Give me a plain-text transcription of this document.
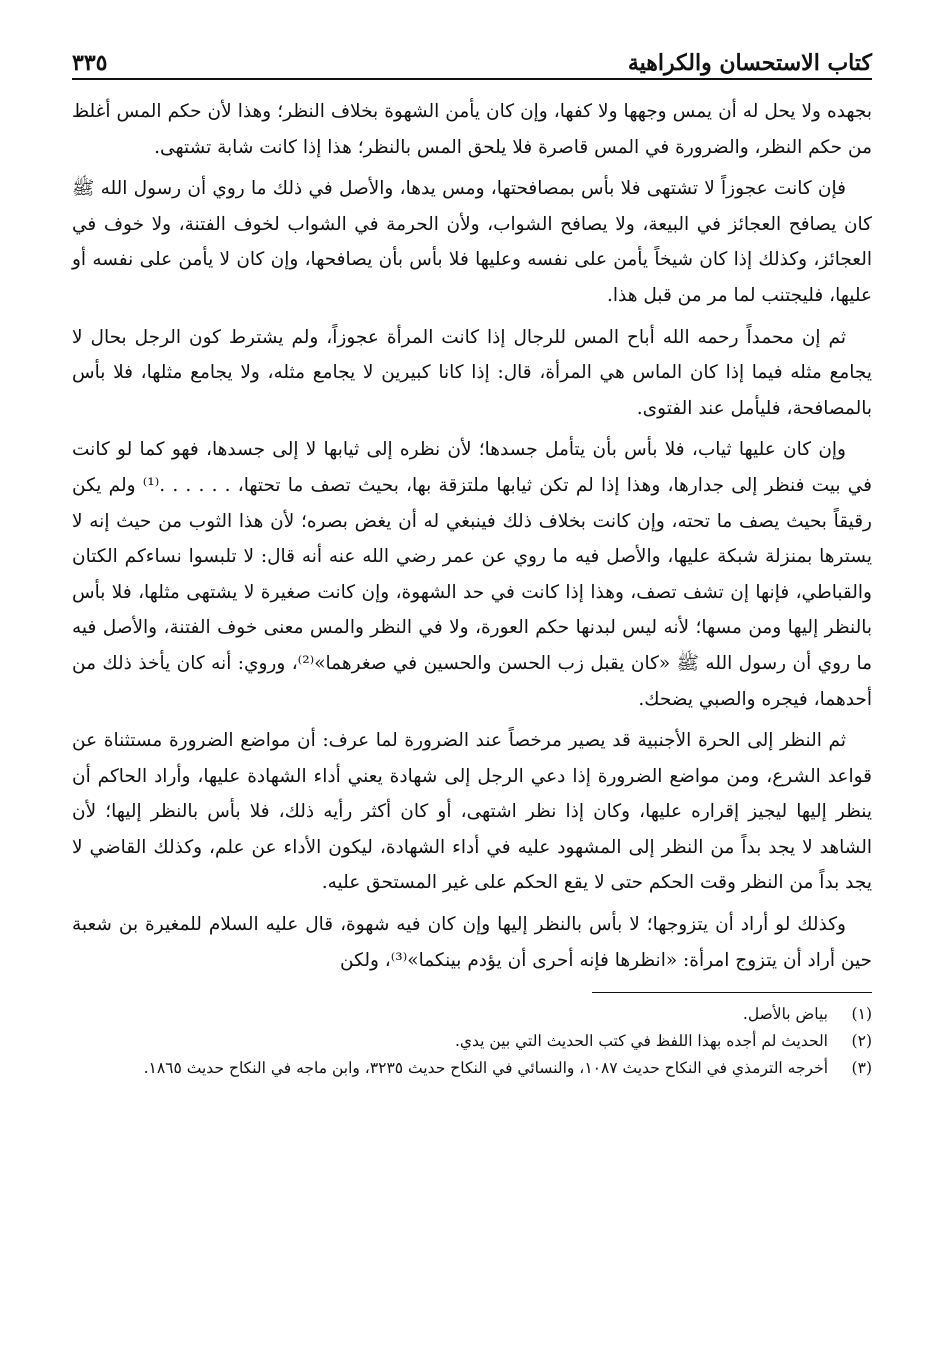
كتاب الاستحسان والكراهية
٣٣٥

بجهده ولا يحل له أن يمس وجهها ولا كفها، وإن كان يأمن الشهوة بخلاف النظر؛ وهذا لأن حكم المس أغلظ من حكم النظر، والضرورة في المس قاصرة فلا يلحق المس بالنظر؛ هذا إذا كانت شابة تشتهى.

فإن كانت عجوزاً لا تشتهى فلا بأس بمصافحتها، ومس يدها، والأصل في ذلك ما روي أن رسول الله ﷺ كان يصافح العجائز في البيعة، ولا يصافح الشواب، ولأن الحرمة في الشواب لخوف الفتنة، ولا خوف في العجائز، وكذلك إذا كان شيخاً يأمن على نفسه وعليها فلا بأس بأن يصافحها، وإن كان لا يأمن على نفسه أو عليها، فليجتنب لما مر من قبل هذا.

ثم إن محمداً رحمه الله أباح المس للرجال إذا كانت المرأة عجوزاً، ولم يشترط كون الرجل بحال لا يجامع مثله فيما إذا كان الماس هي المرأة، قال: إذا كانا كبيرين لا يجامع مثله، ولا يجامع مثلها، فلا بأس بالمصافحة، فليأمل عند الفتوى.

وإن كان عليها ثياب، فلا بأس بأن يتأمل جسدها؛ لأن نظره إلى ثيابها لا إلى جسدها، فهو كما لو كانت في بيت فنظر إلى جدارها، وهذا إذا لم تكن ثيابها ملتزقة بها، بحيث تصف ما تحتها، . . . . . .⁽¹⁾ ولم يكن رقيقاً بحيث يصف ما تحته، وإن كانت بخلاف ذلك فينبغي له أن يغض بصره؛ لأن هذا الثوب من حيث إنه لا يسترها بمنزلة شبكة عليها، والأصل فيه ما روي عن عمر رضي الله عنه أنه قال: لا تلبسوا نساءكم الكتان والقباطي، فإنها إن تشف تصف، وهذا إذا كانت في حد الشهوة، وإن كانت صغيرة لا يشتهى مثلها، فلا بأس بالنظر إليها ومن مسها؛ لأنه ليس لبدنها حكم العورة، ولا في النظر والمس معنى خوف الفتنة، والأصل فيه ما روي أن رسول الله ﷺ «كان يقبل زب الحسن والحسين في صغرهما»⁽²⁾، وروي: أنه كان يأخذ ذلك من أحدهما، فيجره والصبي يضحك.

ثم النظر إلى الحرة الأجنبية قد يصير مرخصاً عند الضرورة لما عرف: أن مواضع الضرورة مستثناة عن قواعد الشرع، ومن مواضع الضرورة إذا دعي الرجل إلى شهادة يعني أداء الشهادة عليها، وأراد الحاكم أن ينظر إليها ليجيز إقراره عليها، وكان إذا نظر اشتهى، أو كان أكثر رأيه ذلك، فلا بأس بالنظر إليها؛ لأن الشاهد لا يجد بداً من النظر إلى المشهود عليه في أداء الشهادة، ليكون الأداء عن علم، وكذلك القاضي لا يجد بداً من النظر وقت الحكم حتى لا يقع الحكم على غير المستحق عليه.

وكذلك لو أراد أن يتزوجها؛ لا بأس بالنظر إليها وإن كان فيه شهوة، قال عليه السلام للمغيرة بن شعبة حين أراد أن يتزوج امرأة: «انظرها فإنه أحرى أن يؤدم بينكما»⁽³⁾، ولكن

(١)
بياض بالأصل.
(٢)
الحديث لم أجده بهذا اللفظ في كتب الحديث التي بين يدي.
(٣)
أخرجه الترمذي في النكاح حديث ١٠٨٧، والنسائي في النكاح حديث ٣٢٣٥، وابن ماجه في النكاح حديث ١٨٦٥.
